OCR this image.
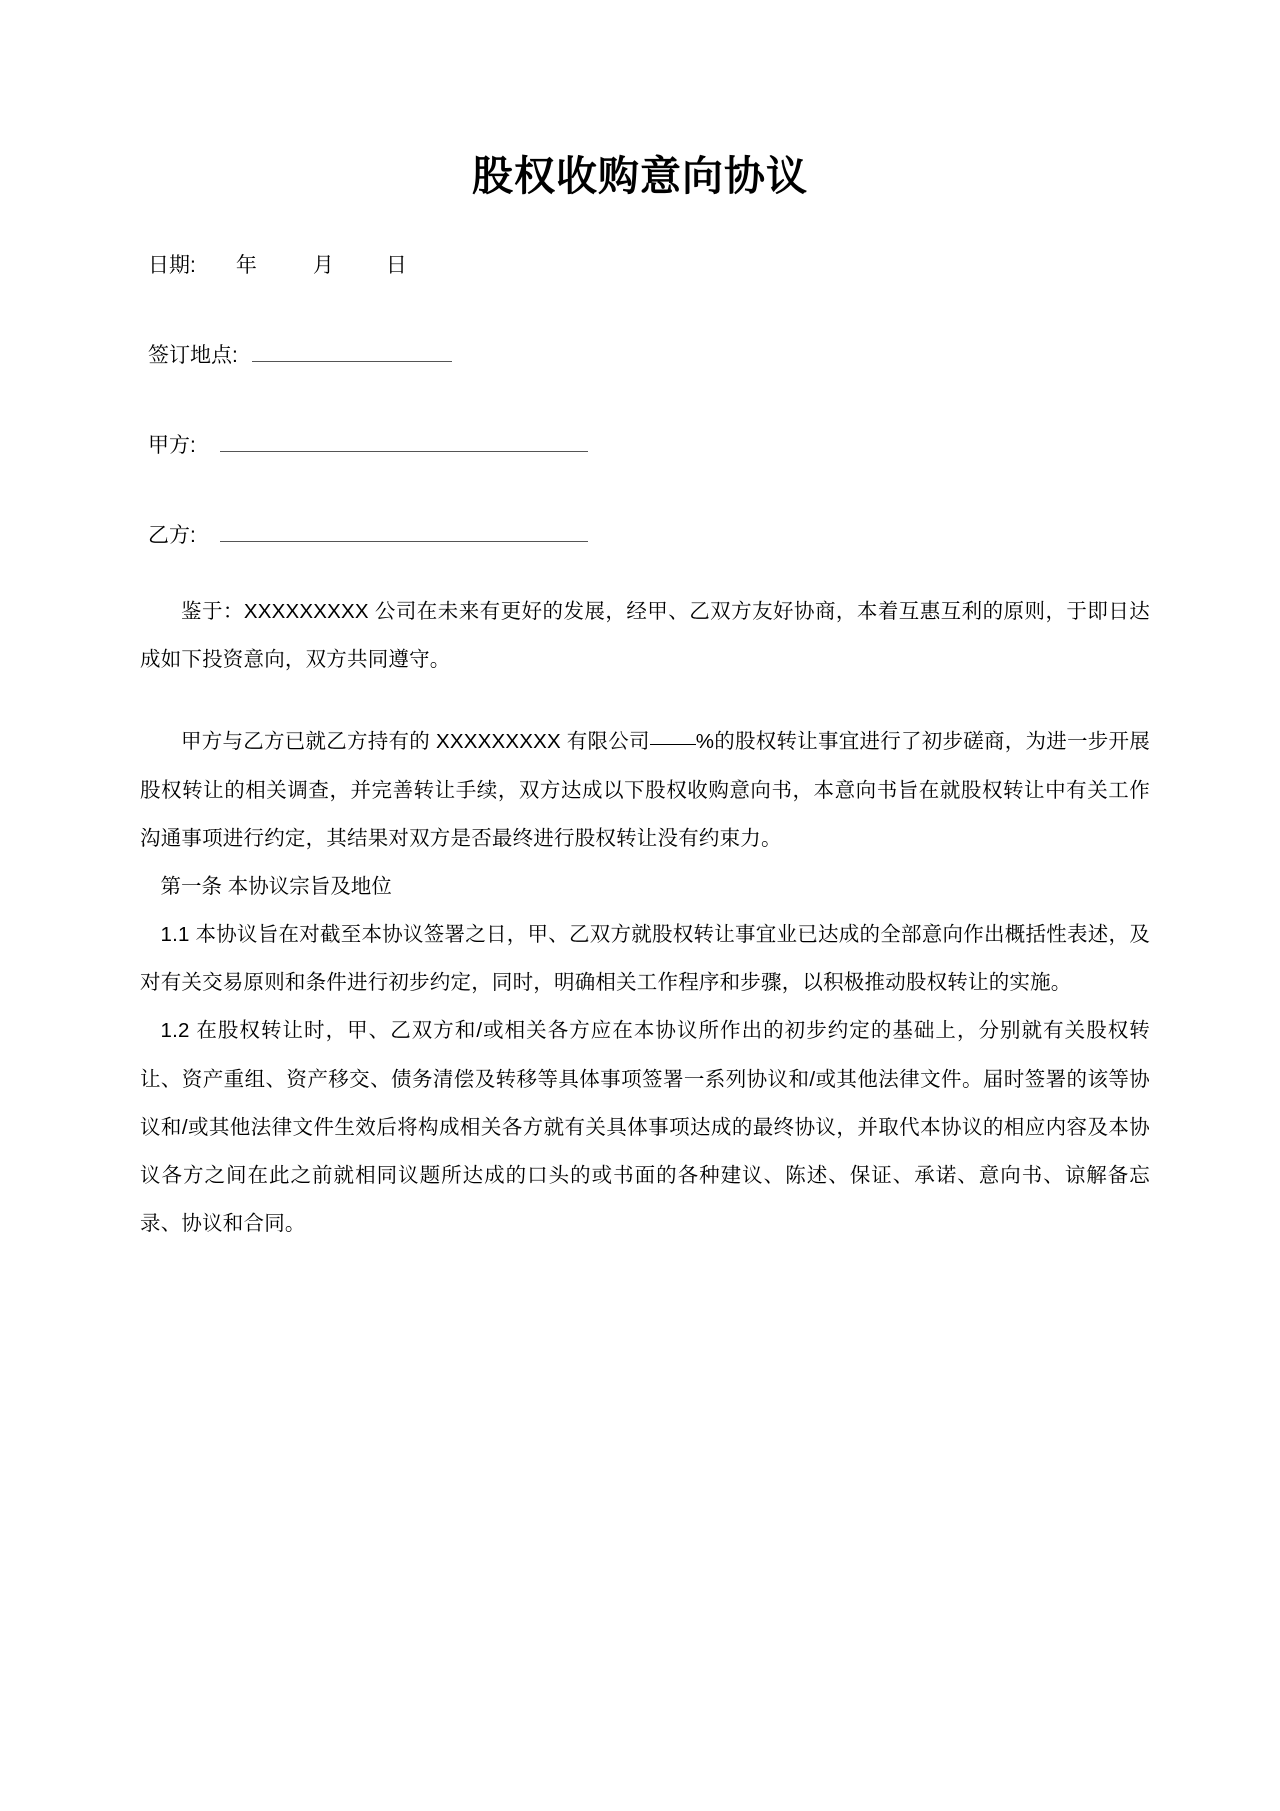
股权收购意向协议
日期:	年	月	日
签订地点:
甲方:
乙方:

鉴于：XXXXXXXXX 公司在未来有更好的发展，经甲、乙双方友好协商，本着互惠互利的原则，于即日达成如下投资意向，双方共同遵守。

甲方与乙方已就乙方持有的 XXXXXXXXX 有限公司 %的股权转让事宜进行了初步磋商，为进一步开展股权转让的相关调查，并完善转让手续，双方达成以下股权收购意向书，本意向书旨在就股权转让中有关工作沟通事项进行约定，其结果对双方是否最终进行股权转让没有约束力。

第一条 本协议宗旨及地位

1.1 本协议旨在对截至本协议签署之日，甲、乙双方就股权转让事宜业已达成的全部意向作出概括性表述，及对有关交易原则和条件进行初步约定，同时，明确相关工作程序和步骤，以积极推动股权转让的实施。

1.2 在股权转让时，甲、乙双方和/或相关各方应在本协议所作出的初步约定的基础上，分别就有关股权转让、资产重组、资产移交、债务清偿及转移等具体事项签署一系列协议和/或其他法律文件。届时签署的该等协议和/或其他法律文件生效后将构成相关各方就有关具体事项达成的最终协议，并取代本协议的相应内容及本协议各方之间在此之前就相同议题所达成的口头的或书面的各种建议、陈述、保证、承诺、意向书、谅解备忘录、协议和合同。
